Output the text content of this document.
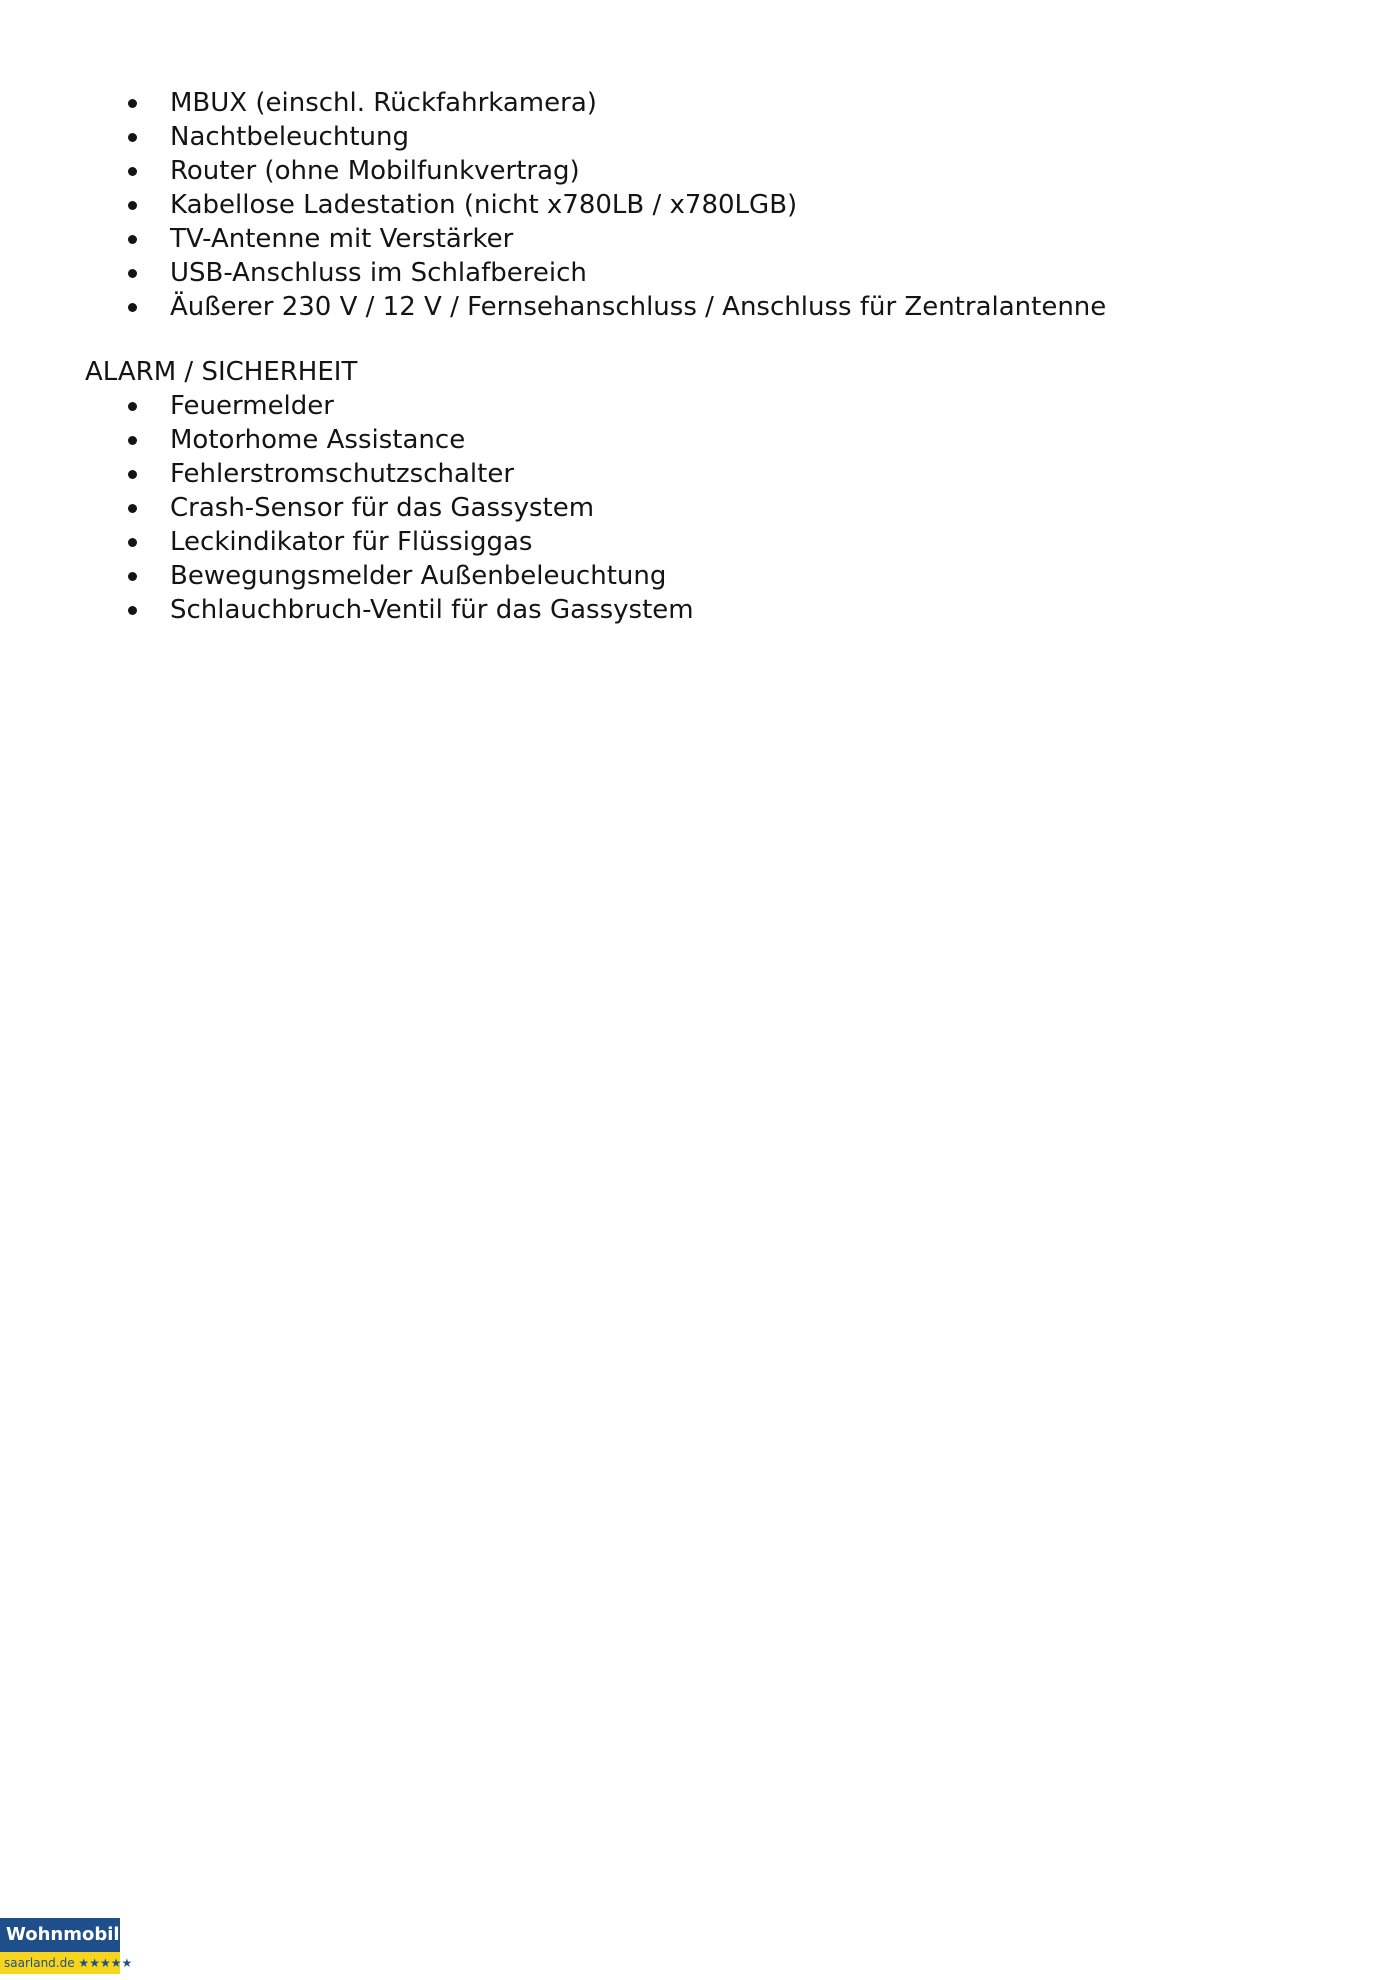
MBUX (einschl. Rückfahrkamera)
Nachtbeleuchtung
Router (ohne Mobilfunkvertrag)
Kabellose Ladestation (nicht x780LB / x780LGB)
TV-Antenne mit Verstärker
USB-Anschluss im Schlafbereich
Äußerer 230 V / 12 V / Fernsehanschluss / Anschluss für Zentralantenne
ALARM / SICHERHEIT
Feuermelder
Motorhome Assistance
Fehlerstromschutzschalter
Crash-Sensor für das Gassystem
Leckindikator für Flüssiggas
Bewegungsmelder Außenbeleuchtung
Schlauchbruch-Ventil für das Gassystem
Wohnmobile
saarland.de ★★★★★
